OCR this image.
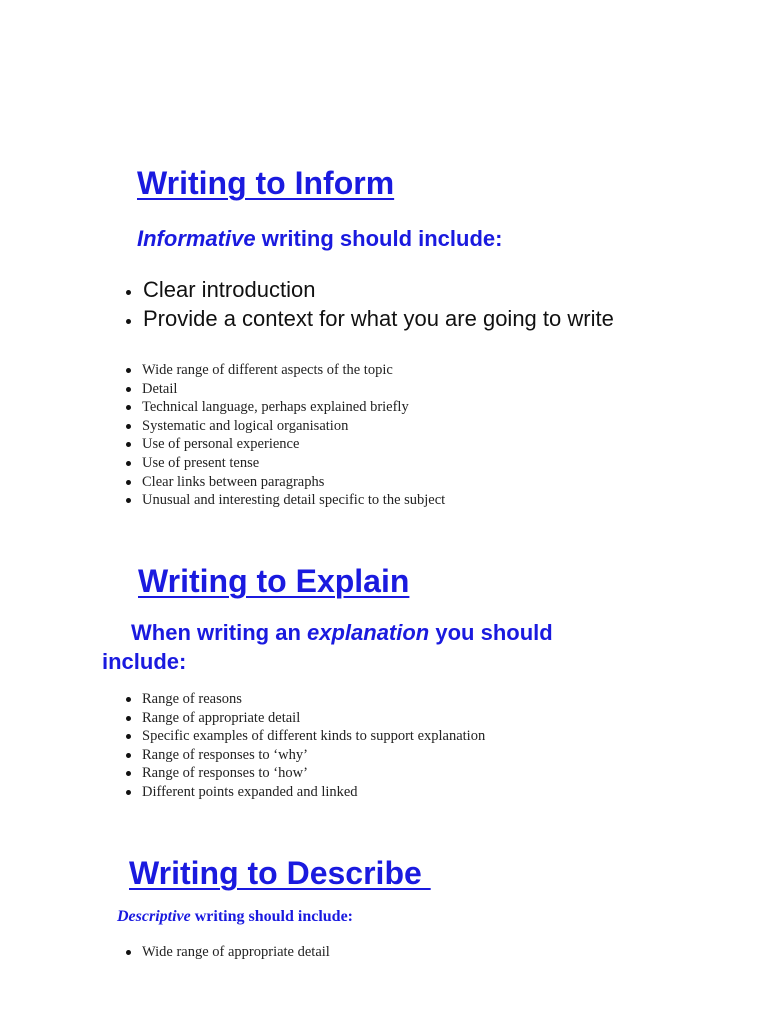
Writing to Inform

Informative writing should include:

Clear introduction
Provide a context for what you are going to write
Wide range of different aspects of the topic
Detail
Technical language, perhaps explained briefly
Systematic and logical organisation
Use of personal experience
Use of present tense
Clear links between paragraphs
Unusual and interesting detail specific to the subject
Writing to Explain

When writing an explanation you should include:

Range of reasons
Range of appropriate detail
Specific examples of different kinds to support explanation
Range of responses to ‘why’
Range of responses to ‘how’
Different points expanded and linked
Writing to Describe

Descriptive writing should include:

Wide range of appropriate detail
